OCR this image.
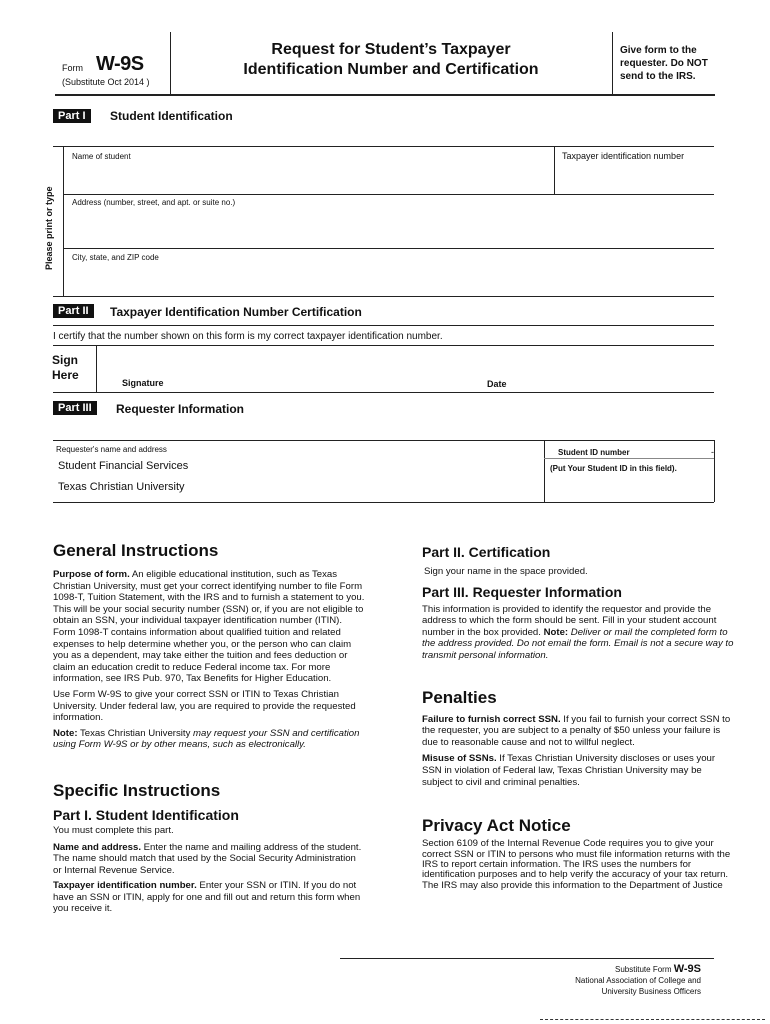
Form W-9S
(Substitute Oct 2014 )
Request for Student’s Taxpayer
Identification Number and Certification
Give form to the
requester. Do NOT
send to the IRS.
Part I	Student Identification
Please print or type
Name of student	Taxpayer identification number
Address (number, street, and apt. or suite no.)
City, state, and ZIP code
Part II	Taxpayer Identification Number Certification
I certify that the number shown on this form is my correct taxpayer identification number.
Sign
Here
Signature	Date
Part III	Requester Information
Requester's name and address
Student Financial Services
Texas Christian University
Student ID number	-
(Put Your Student ID in this field).
General Instructions

Purpose of form. An eligible educational institution, such as Texas Christian University, must get your correct identifying number to file Form 1098-T, Tuition Statement, with the IRS and to furnish a statement to you. This will be your social security number (SSN) or, if you are not eligible to obtain an SSN, your individual taxpayer identification number (ITIN). Form 1098-T contains information about qualified tuition and related expenses to help determine whether you, or the person who can claim you as a dependent, may take either the tuition and fees deduction or claim an education credit to reduce Federal income tax. For more information, see IRS Pub. 970, Tax Benefits for Higher Education.

Use Form W-9S to give your correct SSN or ITIN to Texas Christian University. Under federal law, you are required to provide the requested information.

Note: Texas Christian University may request your SSN and certification using Form W-9S or by other means, such as electronically.

Specific Instructions
Part I. Student Identification

You must complete this part.

Name and address. Enter the name and mailing address of the student. The name should match that used by the Social Security Administration or Internal Revenue Service.

Taxpayer identification number. Enter your SSN or ITIN. If you do not have an SSN or ITIN, apply for one and fill out and return this form when you receive it.

Part II. Certification

Sign your name in the space provided.

Part III. Requester Information

This information is provided to identify the requestor and provide the address to which the form should be sent. Fill in your student account number in the box provided. Note: Deliver or mail the completed form to the address provided. Do not email the form. Email is not a secure way to transmit personal information.

Penalties

Failure to furnish correct SSN. If you fail to furnish your correct SSN to the requester, you are subject to a penalty of $50 unless your failure is due to reasonable cause and not to willful neglect.

Misuse of SSNs. If Texas Christian University discloses or uses your SSN in violation of Federal law, Texas Christian University may be subject to civil and criminal penalties.

Privacy Act Notice

Section 6109 of the Internal Revenue Code requires you to give your correct SSN or ITIN to persons who must file information returns with the IRS to report certain information. The IRS uses the numbers for identification purposes and to help verify the accuracy of your tax return. The IRS may also provide this information to the Department of Justice

Substitute Form W-9S
National Association of College and
University Business Officers
